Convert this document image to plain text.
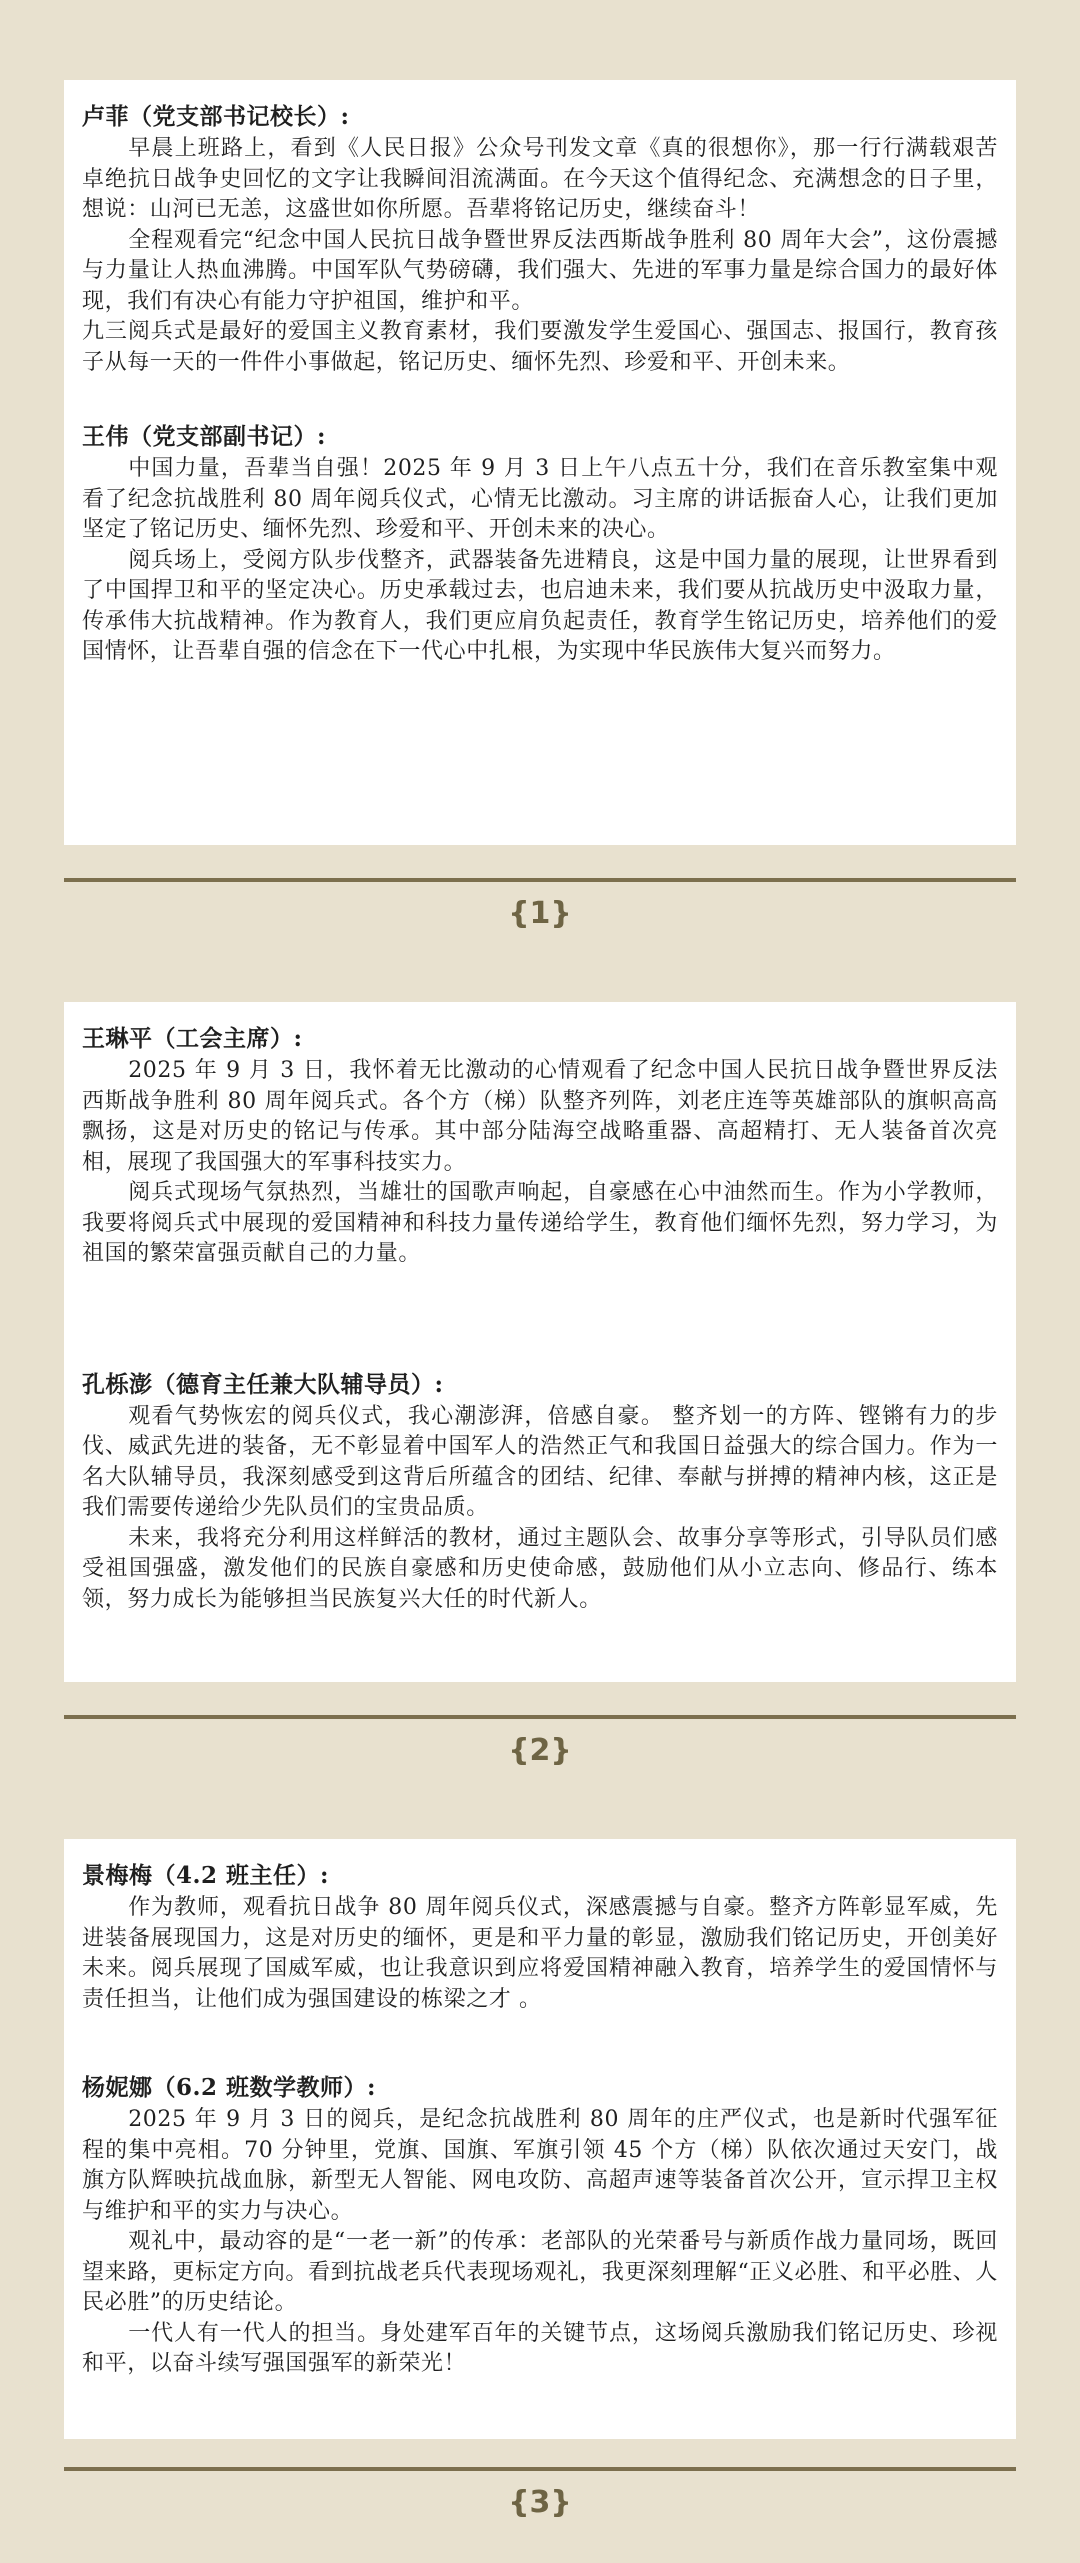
卢菲（党支部书记校长）:

早晨上班路上，看到《人民日报》公众号刊发文章《真的很想你》，那一行行满载艰苦卓绝抗日战争史回忆的文字让我瞬间泪流满面。在今天这个值得纪念、充满想念的日子里，想说：山河已无恙，这盛世如你所愿。吾辈将铭记历史，继续奋斗！

全程观看完“纪念中国人民抗日战争暨世界反法西斯战争胜利 80 周年大会”，这份震撼与力量让人热血沸腾。中国军队气势磅礴，我们强大、先进的军事力量是综合国力的最好体现，我们有决心有能力守护祖国，维护和平。

九三阅兵式是最好的爱国主义教育素材，我们要激发学生爱国心、强国志、报国行，教育孩子从每一天的一件件小事做起，铭记历史、缅怀先烈、珍爱和平、开创未来。

王伟（党支部副书记）:

中国力量，吾辈当自强！2025 年 9 月 3 日上午八点五十分，我们在音乐教室集中观看了纪念抗战胜利 80 周年阅兵仪式，心情无比激动。习主席的讲话振奋人心，让我们更加坚定了铭记历史、缅怀先烈、珍爱和平、开创未来的决心。

阅兵场上，受阅方队步伐整齐，武器装备先进精良，这是中国力量的展现，让世界看到了中国捍卫和平的坚定决心。历史承载过去，也启迪未来，我们要从抗战历史中汲取力量，传承伟大抗战精神。作为教育人，我们更应肩负起责任，教育学生铭记历史，培养他们的爱国情怀，让吾辈自强的信念在下一代心中扎根，为实现中华民族伟大复兴而努力。

{1}

王琳平（工会主席）:

2025 年 9 月 3 日，我怀着无比激动的心情观看了纪念中国人民抗日战争暨世界反法西斯战争胜利 80 周年阅兵式。各个方（梯）队整齐列阵，刘老庄连等英雄部队的旗帜高高飘扬，这是对历史的铭记与传承。其中部分陆海空战略重器、高超精打、无人装备首次亮相，展现了我国强大的军事科技实力。

阅兵式现场气氛热烈，当雄壮的国歌声响起，自豪感在心中油然而生。作为小学教师，我要将阅兵式中展现的爱国精神和科技力量传递给学生，教育他们缅怀先烈，努力学习，为祖国的繁荣富强贡献自己的力量。

孔栎澎（德育主任兼大队辅导员）:

观看气势恢宏的阅兵仪式，我心潮澎湃，倍感自豪。 整齐划一的方阵、铿锵有力的步伐、威武先进的装备，无不彰显着中国军人的浩然正气和我国日益强大的综合国力。作为一名大队辅导员，我深刻感受到这背后所蕴含的团结、纪律、奉献与拼搏的精神内核，这正是我们需要传递给少先队员们的宝贵品质。

未来，我将充分利用这样鲜活的教材，通过主题队会、故事分享等形式，引导队员们感受祖国强盛，激发他们的民族自豪感和历史使命感，鼓励他们从小立志向、修品行、练本领，努力成长为能够担当民族复兴大任的时代新人。

{2}

景梅梅（4.2 班主任）:

作为教师，观看抗日战争 80 周年阅兵仪式，深感震撼与自豪。整齐方阵彰显军威，先进装备展现国力，这是对历史的缅怀，更是和平力量的彰显，激励我们铭记历史，开创美好未来。阅兵展现了国威军威，也让我意识到应将爱国精神融入教育，培养学生的爱国情怀与责任担当，让他们成为强国建设的栋梁之才 。

杨妮娜（6.2 班数学教师）:

2025 年 9 月 3 日的阅兵，是纪念抗战胜利 80 周年的庄严仪式，也是新时代强军征程的集中亮相。70 分钟里，党旗、国旗、军旗引领 45 个方（梯）队依次通过天安门，战旗方队辉映抗战血脉，新型无人智能、网电攻防、高超声速等装备首次公开，宣示捍卫主权与维护和平的实力与决心。

观礼中，最动容的是“一老一新”的传承：老部队的光荣番号与新质作战力量同场，既回望来路，更标定方向。看到抗战老兵代表现场观礼，我更深刻理解“正义必胜、和平必胜、人民必胜”的历史结论。

一代人有一代人的担当。身处建军百年的关键节点，这场阅兵激励我们铭记历史、珍视和平，以奋斗续写强国强军的新荣光！

{3}
